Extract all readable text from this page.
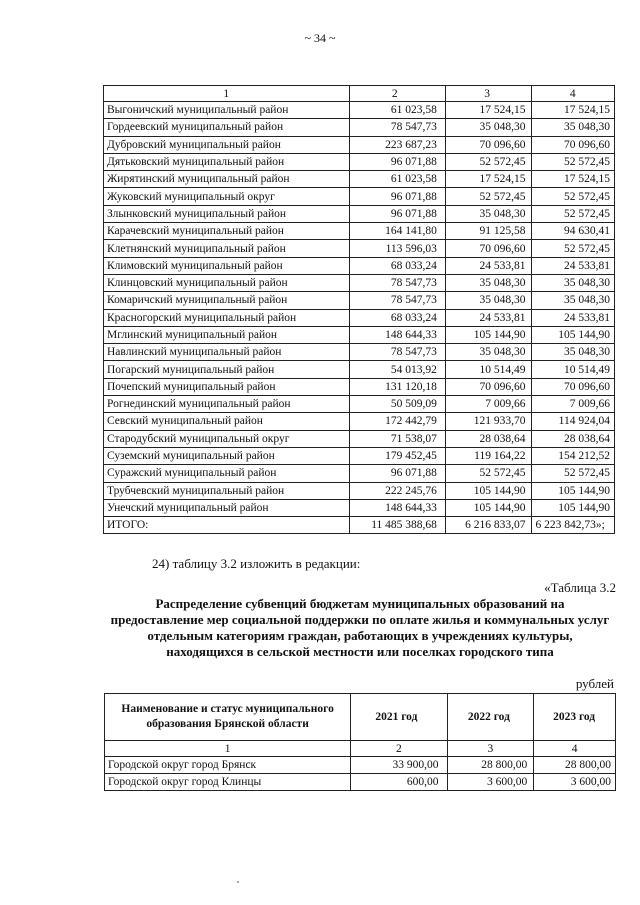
~ 34 ~
1	2	3	4
Выгоничский муниципальный район	61 023,58	17 524,15	17 524,15
Гордеевский муниципальный район	78 547,73	35 048,30	35 048,30
Дубровский муниципальный район	223 687,23	70 096,60	70 096,60
Дятьковский муниципальный район	96 071,88	52 572,45	52 572,45
Жирятинский муниципальный район	61 023,58	17 524,15	17 524,15
Жуковский муниципальный округ	96 071,88	52 572,45	52 572,45
Злынковский муниципальный район	96 071,88	35 048,30	52 572,45
Карачевский муниципальный район	164 141,80	91 125,58	94 630,41
Клетнянский муниципальный район	113 596,03	70 096,60	52 572,45
Климовский муниципальный район	68 033,24	24 533,81	24 533,81
Клинцовский муниципальный район	78 547,73	35 048,30	35 048,30
Комаричский муниципальный район	78 547,73	35 048,30	35 048,30
Красногорский муниципальный район	68 033,24	24 533,81	24 533,81
Мглинский муниципальный район	148 644,33	105 144,90	105 144,90
Навлинский муниципальный район	78 547,73	35 048,30	35 048,30
Погарский муниципальный район	54 013,92	10 514,49	10 514,49
Почепский муниципальный район	131 120,18	70 096,60	70 096,60
Рогнединский муниципальный район	50 509,09	7 009,66	7 009,66
Севский муниципальный район	172 442,79	121 933,70	114 924,04
Стародубский муниципальный округ	71 538,07	28 038,64	28 038,64
Суземский муниципальный район	179 452,45	119 164,22	154 212,52
Суражский муниципальный район	96 071,88	52 572,45	52 572,45
Трубчевский муниципальный район	222 245,76	105 144,90	105 144,90
Унечский муниципальный район	148 644,33	105 144,90	105 144,90
ИТОГО:	11 485 388,68	6 216 833,07	6 223 842,73»;
24) таблицу 3.2 изложить в редакции:
«Таблица 3.2
Распределение субвенций бюджетам муниципальных образований на предоставление мер социальной поддержки по оплате жилья и коммунальных услуг отдельным категориям граждан, работающих в учреждениях культуры, находящихся в сельской местности или поселках городского типа
рублей
Наименование и статус муниципального образования Брянской области	2021 год	2022 год	2023 год
1	2	3	4
Городской округ город Брянск	33 900,00	28 800,00	28 800,00
Городской округ город Клинцы	600,00	3 600,00	3 600,00
